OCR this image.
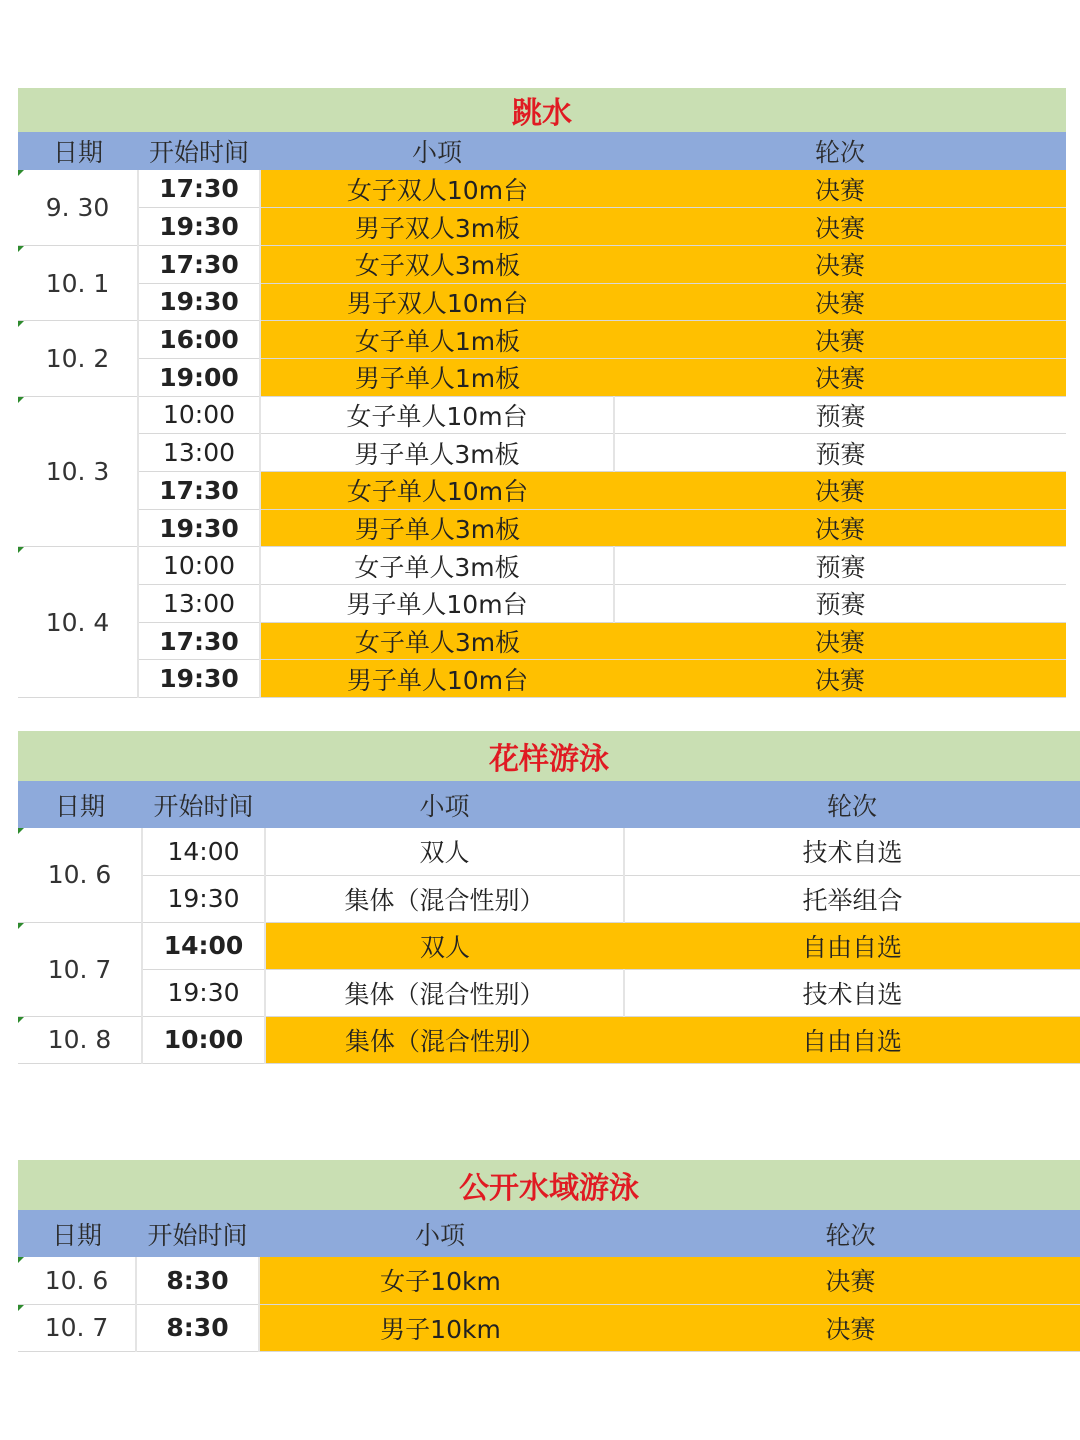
跳水			
日期	开始时间	小项	轮次
9. 30	17:30	女子双人10m台	决赛
	19:30	男子双人3m板	决赛
10. 1	17:30	女子双人3m板	决赛
	19:30	男子双人10m台	决赛
10. 2	16:00	女子单人1m板	决赛
	19:00	男子单人1m板	决赛
10. 3	10:00	女子单人10m台	预赛
	13:00	男子单人3m板	预赛
	17:30	女子单人10m台	决赛
	19:30	男子单人3m板	决赛
10. 4	10:00	女子单人3m板	预赛
	13:00	男子单人10m台	预赛
	17:30	女子单人3m板	决赛
	19:30	男子单人10m台	决赛
花样游泳			
日期	开始时间	小项	轮次
10. 6	14:00	双人	技术自选
	19:30	集体（混合性别）	托举组合
10. 7	14:00	双人	自由自选
	19:30	集体（混合性别）	技术自选
10. 8	10:00	集体（混合性别）	自由自选
公开水域游泳			
日期	开始时间	小项	轮次
10. 6	8:30	女子10km	决赛
10. 7	8:30	男子10km	决赛
